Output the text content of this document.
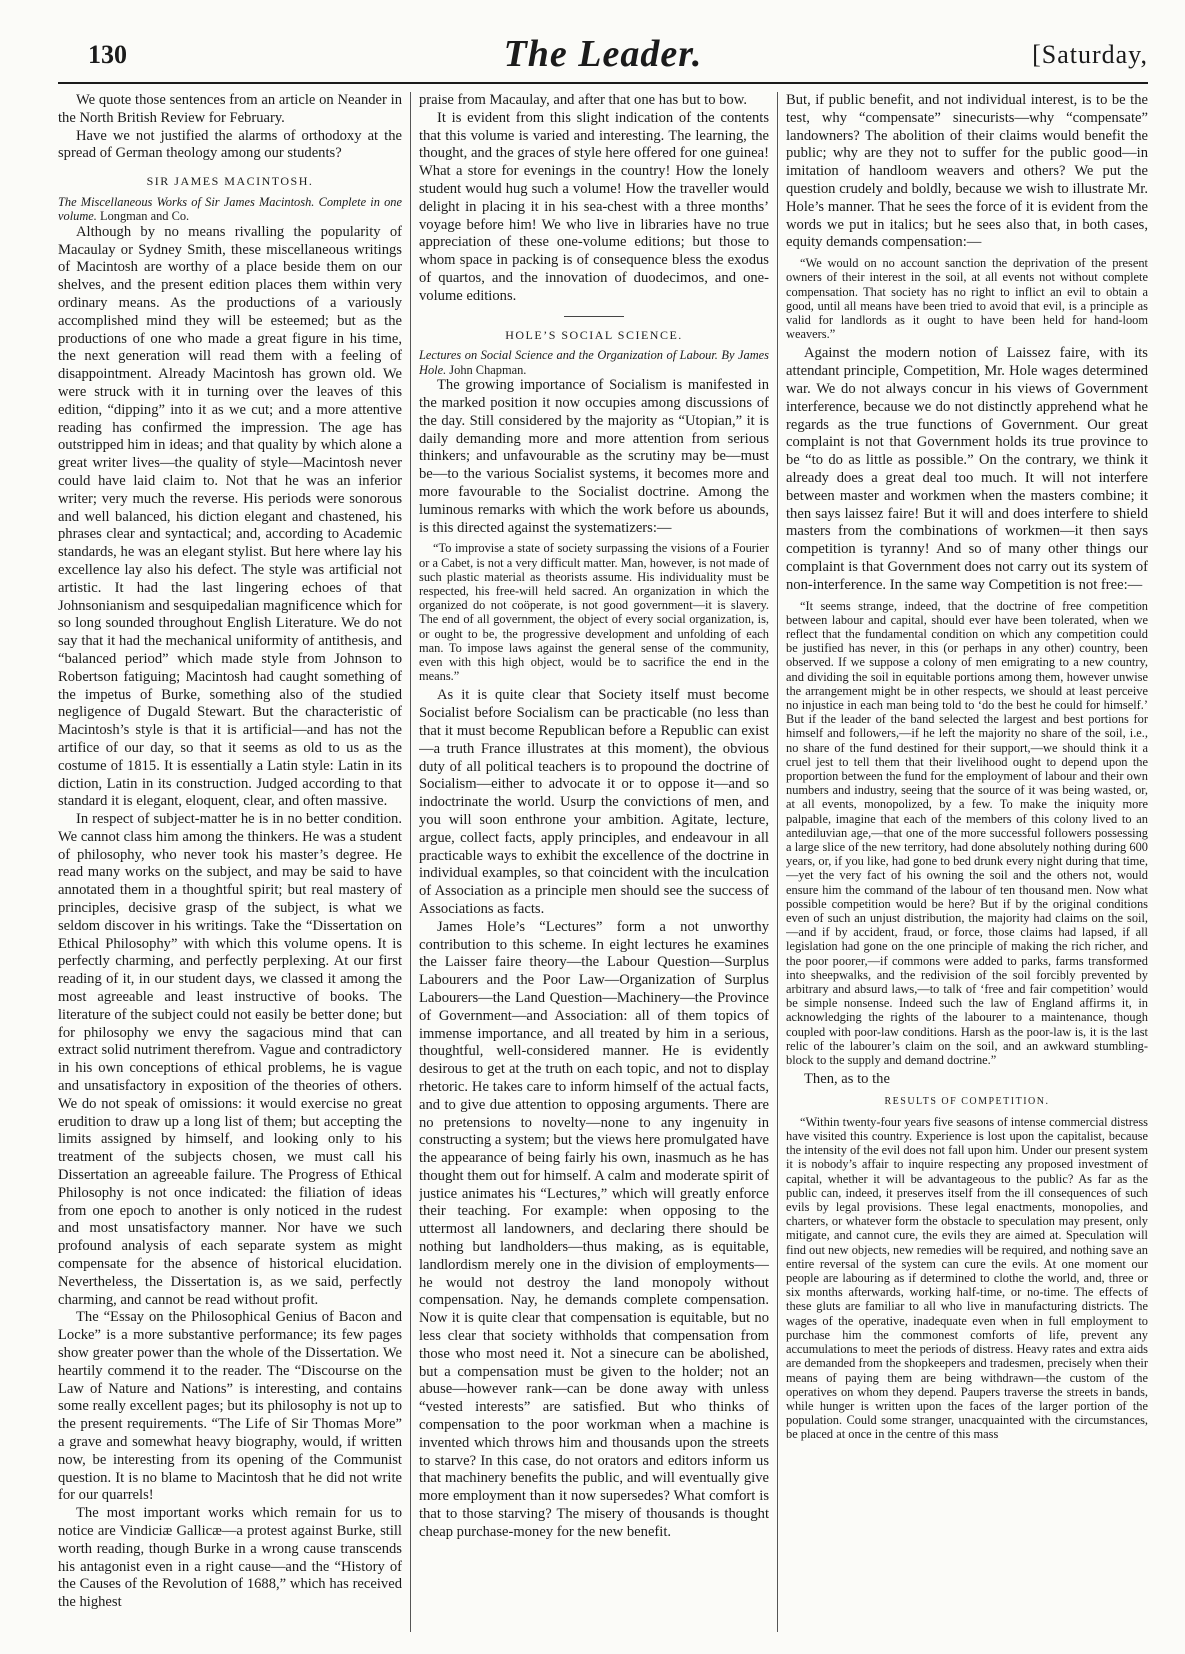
130	The Leader.	[Saturday,

We quote those sentences from an article on Neander in the North British Review for February.

Have we not justified the alarms of orthodoxy at the spread of German theology among our students?

SIR JAMES MACINTOSH.

The Miscellaneous Works of Sir James Macintosh. Complete in one volume. Longman and Co.

Although by no means rivalling the popularity of Macaulay or Sydney Smith, these miscellaneous writings of Macintosh are worthy of a place beside them on our shelves, and the present edition places them within very ordinary means. As the productions of a variously accomplished mind they will be esteemed; but as the productions of one who made a great figure in his time, the next generation will read them with a feeling of disappointment. Already Macintosh has grown old. We were struck with it in turning over the leaves of this edition, “dipping” into it as we cut; and a more attentive reading has confirmed the impression. The age has outstripped him in ideas; and that quality by which alone a great writer lives—the quality of style—Macintosh never could have laid claim to. Not that he was an inferior writer; very much the reverse. His periods were sonorous and well balanced, his diction elegant and chastened, his phrases clear and syntactical; and, according to Academic standards, he was an elegant stylist. But here where lay his excellence lay also his defect. The style was artificial not artistic. It had the last lingering echoes of that Johnsonianism and sesquipedalian magnificence which for so long sounded throughout English Literature. We do not say that it had the mechanical uniformity of antithesis, and “balanced period” which made style from Johnson to Robertson fatiguing; Macintosh had caught something of the impetus of Burke, something also of the studied negligence of Dugald Stewart. But the characteristic of Macintosh’s style is that it is artificial—and has not the artifice of our day, so that it seems as old to us as the costume of 1815. It is essentially a Latin style: Latin in its diction, Latin in its construction. Judged according to that standard it is elegant, eloquent, clear, and often massive.

In respect of subject-matter he is in no better condition. We cannot class him among the thinkers. He was a student of philosophy, who never took his master’s degree. He read many works on the subject, and may be said to have annotated them in a thoughtful spirit; but real mastery of principles, decisive grasp of the subject, is what we seldom discover in his writings. Take the “Dissertation on Ethical Philosophy” with which this volume opens. It is perfectly charming, and perfectly perplexing. At our first reading of it, in our student days, we classed it among the most agreeable and least instructive of books. The literature of the subject could not easily be better done; but for philosophy we envy the sagacious mind that can extract solid nutriment therefrom. Vague and contradictory in his own conceptions of ethical problems, he is vague and unsatisfactory in exposition of the theories of others. We do not speak of omissions: it would exercise no great erudition to draw up a long list of them; but accepting the limits assigned by himself, and looking only to his treatment of the subjects chosen, we must call his Dissertation an agreeable failure. The Progress of Ethical Philosophy is not once indicated: the filiation of ideas from one epoch to another is only noticed in the rudest and most unsatisfactory manner. Nor have we such profound analysis of each separate system as might compensate for the absence of historical elucidation. Nevertheless, the Dissertation is, as we said, perfectly charming, and cannot be read without profit.

The “Essay on the Philosophical Genius of Bacon and Locke” is a more substantive performance; its few pages show greater power than the whole of the Dissertation. We heartily commend it to the reader. The “Discourse on the Law of Nature and Nations” is interesting, and contains some really excellent pages; but its philosophy is not up to the present requirements. “The Life of Sir Thomas More” a grave and somewhat heavy biography, would, if written now, be interesting from its opening of the Communist question. It is no blame to Macintosh that he did not write for our quarrels!

The most important works which remain for us to notice are Vindiciæ Gallicæ—a protest against Burke, still worth reading, though Burke in a wrong cause transcends his antagonist even in a right cause—and the “History of the Causes of the Revolution of 1688,” which has received the highest

praise from Macaulay, and after that one has but to bow.

It is evident from this slight indication of the contents that this volume is varied and interesting. The learning, the thought, and the graces of style here offered for one guinea! What a store for evenings in the country! How the lonely student would hug such a volume! How the traveller would delight in placing it in his sea-chest with a three months’ voyage before him! We who live in libraries have no true appreciation of these one-volume editions; but those to whom space in packing is of consequence bless the exodus of quartos, and the innovation of duodecimos, and one-volume editions.

HOLE’S SOCIAL SCIENCE.

Lectures on Social Science and the Organization of Labour. By James Hole. John Chapman.

The growing importance of Socialism is manifested in the marked position it now occupies among discussions of the day. Still considered by the majority as “Utopian,” it is daily demanding more and more attention from serious thinkers; and unfavourable as the scrutiny may be—must be—to the various Socialist systems, it becomes more and more favourable to the Socialist doctrine. Among the luminous remarks with which the work before us abounds, is this directed against the systematizers:—

“To improvise a state of society surpassing the visions of a Fourier or a Cabet, is not a very difficult matter. Man, however, is not made of such plastic material as theorists assume. His individuality must be respected, his free-will held sacred. An organization in which the organized do not coöperate, is not good government—it is slavery. The end of all government, the object of every social organization, is, or ought to be, the progressive development and unfolding of each man. To impose laws against the general sense of the community, even with this high object, would be to sacrifice the end in the means.”

As it is quite clear that Society itself must become Socialist before Socialism can be practicable (no less than that it must become Republican before a Republic can exist—a truth France illustrates at this moment), the obvious duty of all political teachers is to propound the doctrine of Socialism—either to advocate it or to oppose it—and so indoctrinate the world. Usurp the convictions of men, and you will soon enthrone your ambition. Agitate, lecture, argue, collect facts, apply principles, and endeavour in all practicable ways to exhibit the excellence of the doctrine in individual examples, so that coincident with the inculcation of Association as a principle men should see the success of Associations as facts.

James Hole’s “Lectures” form a not unworthy contribution to this scheme. In eight lectures he examines the Laisser faire theory—the Labour Question—Surplus Labourers and the Poor Law—Organization of Surplus Labourers—the Land Question—Machinery—the Province of Government—and Association: all of them topics of immense importance, and all treated by him in a serious, thoughtful, well-considered manner. He is evidently desirous to get at the truth on each topic, and not to display rhetoric. He takes care to inform himself of the actual facts, and to give due attention to opposing arguments. There are no pretensions to novelty—none to any ingenuity in constructing a system; but the views here promulgated have the appearance of being fairly his own, inasmuch as he has thought them out for himself. A calm and moderate spirit of justice animates his “Lectures,” which will greatly enforce their teaching. For example: when opposing to the uttermost all landowners, and declaring there should be nothing but landholders—thus making, as is equitable, landlordism merely one in the division of employments—he would not destroy the land monopoly without compensation. Nay, he demands complete compensation. Now it is quite clear that compensation is equitable, but no less clear that society withholds that compensation from those who most need it. Not a sinecure can be abolished, but a compensation must be given to the holder; not an abuse—however rank—can be done away with unless “vested interests” are satisfied. But who thinks of compensation to the poor workman when a machine is invented which throws him and thousands upon the streets to starve? In this case, do not orators and editors inform us that machinery benefits the public, and will eventually give more employment than it now supersedes? What comfort is that to those starving? The misery of thousands is thought cheap purchase-money for the new benefit.

But, if public benefit, and not individual interest, is to be the test, why “compensate” sinecurists—why “compensate” landowners? The abolition of their claims would benefit the public; why are they not to suffer for the public good—in imitation of handloom weavers and others? We put the question crudely and boldly, because we wish to illustrate Mr. Hole’s manner. That he sees the force of it is evident from the words we put in italics; but he sees also that, in both cases, equity demands compensation:—

“We would on no account sanction the deprivation of the present owners of their interest in the soil, at all events not without complete compensation. That society has no right to inflict an evil to obtain a good, until all means have been tried to avoid that evil, is a principle as valid for landlords as it ought to have been held for hand-loom weavers.”

Against the modern notion of Laissez faire, with its attendant principle, Competition, Mr. Hole wages determined war. We do not always concur in his views of Government interference, because we do not distinctly apprehend what he regards as the true functions of Government. Our great complaint is not that Government holds its true province to be “to do as little as possible.” On the contrary, we think it already does a great deal too much. It will not interfere between master and workmen when the masters combine; it then says laissez faire! But it will and does interfere to shield masters from the combinations of workmen—it then says competition is tyranny! And so of many other things our complaint is that Government does not carry out its system of non-interference. In the same way Competition is not free:—

“It seems strange, indeed, that the doctrine of free competition between labour and capital, should ever have been tolerated, when we reflect that the fundamental condition on which any competition could be justified has never, in this (or perhaps in any other) country, been observed. If we suppose a colony of men emigrating to a new country, and dividing the soil in equitable portions among them, however unwise the arrangement might be in other respects, we should at least perceive no injustice in each man being told to ‘do the best he could for himself.’ But if the leader of the band selected the largest and best portions for himself and followers,—if he left the majority no share of the soil, i.e., no share of the fund destined for their support,—we should think it a cruel jest to tell them that their livelihood ought to depend upon the proportion between the fund for the employment of labour and their own numbers and industry, seeing that the source of it was being wasted, or, at all events, monopolized, by a few. To make the iniquity more palpable, imagine that each of the members of this colony lived to an antediluvian age,—that one of the more successful followers possessing a large slice of the new territory, had done absolutely nothing during 600 years, or, if you like, had gone to bed drunk every night during that time,—yet the very fact of his owning the soil and the others not, would ensure him the command of the labour of ten thousand men. Now what possible competition would be here? But if by the original conditions even of such an unjust distribution, the majority had claims on the soil,—and if by accident, fraud, or force, those claims had lapsed, if all legislation had gone on the one principle of making the rich richer, and the poor poorer,—if commons were added to parks, farms transformed into sheepwalks, and the redivision of the soil forcibly prevented by arbitrary and absurd laws,—to talk of ‘free and fair competition’ would be simple nonsense. Indeed such the law of England affirms it, in acknowledging the rights of the labourer to a maintenance, though coupled with poor-law conditions. Harsh as the poor-law is, it is the last relic of the labourer’s claim on the soil, and an awkward stumbling-block to the supply and demand doctrine.”

Then, as to the

RESULTS OF COMPETITION.

“Within twenty-four years five seasons of intense commercial distress have visited this country. Experience is lost upon the capitalist, because the intensity of the evil does not fall upon him. Under our present system it is nobody’s affair to inquire respecting any proposed investment of capital, whether it will be advantageous to the public? As far as the public can, indeed, it preserves itself from the ill consequences of such evils by legal provisions. These legal enactments, monopolies, and charters, or whatever form the obstacle to speculation may present, only mitigate, and cannot cure, the evils they are aimed at. Speculation will find out new objects, new remedies will be required, and nothing save an entire reversal of the system can cure the evils. At one moment our people are labouring as if determined to clothe the world, and, three or six months afterwards, working half-time, or no-time. The effects of these gluts are familiar to all who live in manufacturing districts. The wages of the operative, inadequate even when in full employment to purchase him the commonest comforts of life, prevent any accumulations to meet the periods of distress. Heavy rates and extra aids are demanded from the shopkeepers and tradesmen, precisely when their means of paying them are being withdrawn—the custom of the operatives on whom they depend. Paupers traverse the streets in bands, while hunger is written upon the faces of the larger portion of the population. Could some stranger, unacquainted with the circumstances, be placed at once in the centre of this mass
